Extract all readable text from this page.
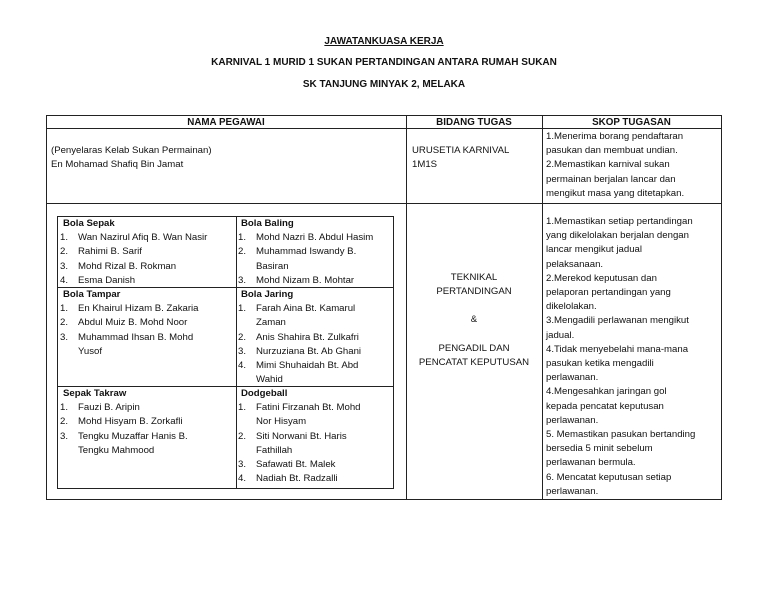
JAWATANKUASA KERJA
KARNIVAL 1 MURID 1 SUKAN PERTANDINGAN ANTARA RUMAH SUKAN
SK TANJUNG MINYAK 2, MELAKA
NAMA PEGAWAI	BIDANG TUGAS	SKOP TUGASAN
(Penyelaras Kelab Sukan Permainan)
En Mohamad Shafiq Bin Jamat
URUSETIA KARNIVAL
1M1S
1.Menerima borang pendaftaran
pasukan dan membuat undian.
2.Memastikan karnival sukan
permainan berjalan lancar dan
mengikut masa yang ditetapkan.
Bola Sepak
1. Wan Nazirul Afiq B. Wan Nasir
2. Rahimi B. Sarif
3. Mohd Rizal B. Rokman
4. Esma Danish
Bola Baling
1. Mohd Nazri B. Abdul Hasim
2. Muhammad Iswandy B.
Basiran
3. Mohd Nizam B. Mohtar
Bola Tampar
1. En Khairul Hizam B. Zakaria
2. Abdul Muiz B. Mohd Noor
3. Muhammad Ihsan B. Mohd
Yusof
Bola Jaring
1. Farah Aina Bt. Kamarul
Zaman
2. Anis Shahira Bt. Zulkafri
3. Nurzuziana Bt. Ab Ghani
4. Mimi Shuhaidah Bt. Abd
Wahid
Sepak Takraw
1. Fauzi B. Aripin
2. Mohd Hisyam B. Zorkafli
3. Tengku Muzaffar Hanis B.
Tengku Mahmood
Dodgeball
1. Fatini Firzanah Bt. Mohd
Nor Hisyam
2. Siti Norwani Bt. Haris
Fathillah
3. Safawati Bt. Malek
4. Nadiah Bt. Radzalli
TEKNIKAL
PERTANDINGAN
&
PENGADIL DAN
PENCATAT KEPUTUSAN
1.Memastikan setiap pertandingan
yang dikelolakan berjalan dengan
lancar mengikut jadual
pelaksanaan.
2.Merekod keputusan dan
pelaporan pertandingan yang
dikelolakan.
3.Mengadili perlawanan mengikut
jadual.
4.Tidak menyebelahi mana-mana
pasukan ketika mengadili
perlawanan.
4.Mengesahkan jaringan gol
kepada pencatat keputusan
perlawanan.
5. Memastikan pasukan bertanding
bersedia 5 minit sebelum
perlawanan bermula.
6. Mencatat keputusan setiap
perlawanan.
